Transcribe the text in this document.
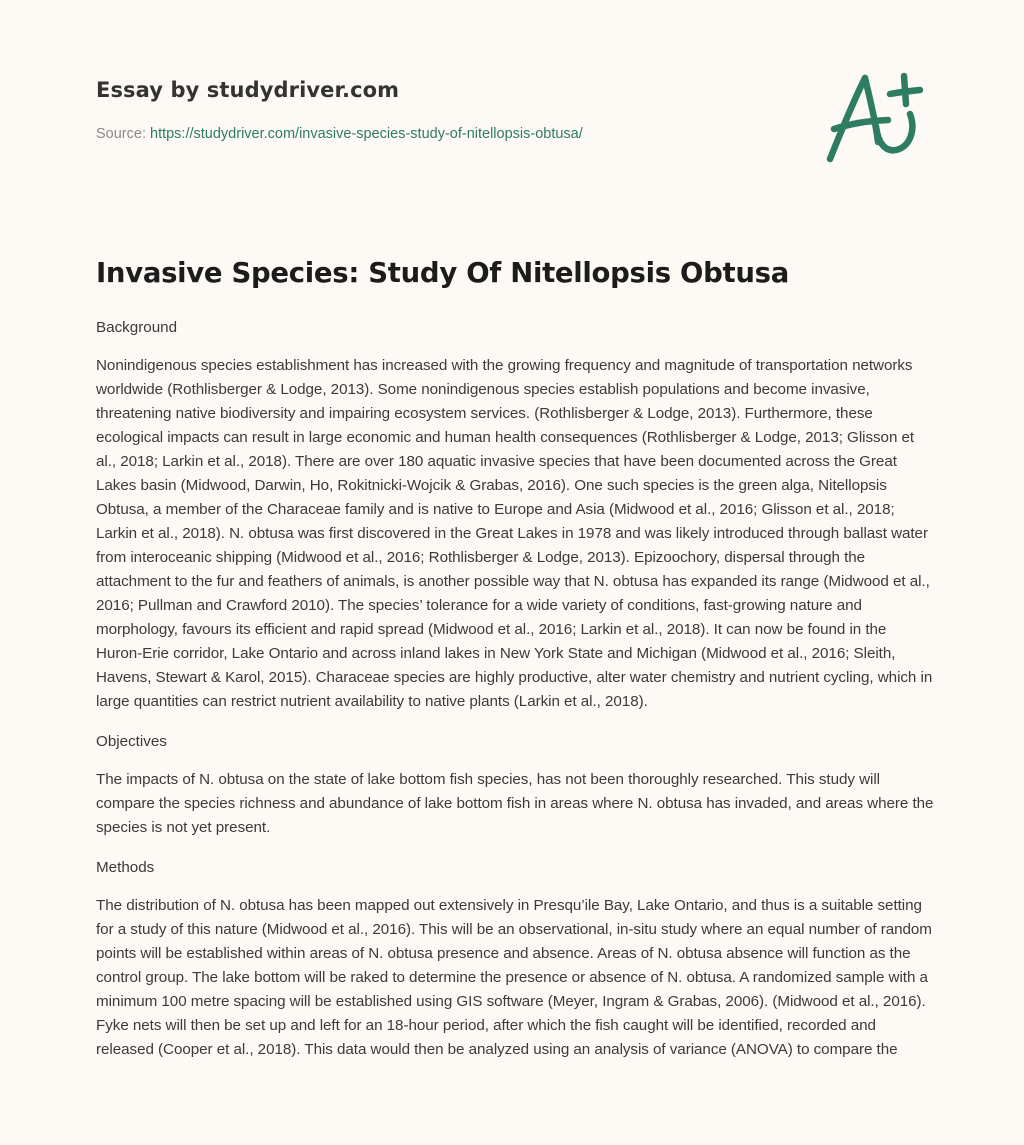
Essay by studydriver.com
Source: https://studydriver.com/invasive-species-study-of-nitellopsis-obtusa/
Invasive Species: Study Of Nitellopsis Obtusa
Background

Nonindigenous species establishment has increased with the growing frequency and magnitude of transportation networks worldwide (Rothlisberger & Lodge, 2013). Some nonindigenous species establish populations and become invasive, threatening native biodiversity and impairing ecosystem services. (Rothlisberger & Lodge, 2013). Furthermore, these ecological impacts can result in large economic and human health consequences (Rothlisberger & Lodge, 2013; Glisson et al., 2018; Larkin et al., 2018). There are over 180 aquatic invasive species that have been documented across the Great Lakes basin (Midwood, Darwin, Ho, Rokitnicki-Wojcik & Grabas, 2016). One such species is the green alga, Nitellopsis Obtusa, a member of the Characeae family and is native to Europe and Asia (Midwood et al., 2016; Glisson et al., 2018; Larkin et al., 2018). N. obtusa was first discovered in the Great Lakes in 1978 and was likely introduced through ballast water from interoceanic shipping (Midwood et al., 2016; Rothlisberger & Lodge, 2013). Epizoochory, dispersal through the attachment to the fur and feathers of animals, is another possible way that N. obtusa has expanded its range (Midwood et al., 2016; Pullman and Crawford 2010). The species’ tolerance for a wide variety of conditions, fast-growing nature and morphology, favours its efficient and rapid spread (Midwood et al., 2016; Larkin et al., 2018). It can now be found in the Huron-Erie corridor, Lake Ontario and across inland lakes in New York State and Michigan (Midwood et al., 2016; Sleith, Havens, Stewart & Karol, 2015). Characeae species are highly productive, alter water chemistry and nutrient cycling, which in large quantities can restrict nutrient availability to native plants (Larkin et al., 2018).

Objectives

The impacts of N. obtusa on the state of lake bottom fish species, has not been thoroughly researched. This study will compare the species richness and abundance of lake bottom fish in areas where N. obtusa has invaded, and areas where the species is not yet present.

Methods

The distribution of N. obtusa has been mapped out extensively in Presqu’ile Bay, Lake Ontario, and thus is a suitable setting for a study of this nature (Midwood et al., 2016). This will be an observational, in-situ study where an equal number of random points will be established within areas of N. obtusa presence and absence. Areas of N. obtusa absence will function as the control group. The lake bottom will be raked to determine the presence or absence of N. obtusa. A randomized sample with a minimum 100 metre spacing will be established using GIS software (Meyer, Ingram & Grabas, 2006). (Midwood et al., 2016). Fyke nets will then be set up and left for an 18-hour period, after which the fish caught will be identified, recorded and released (Cooper et al., 2018). This data would then be analyzed using an analysis of variance (ANOVA) to compare the
